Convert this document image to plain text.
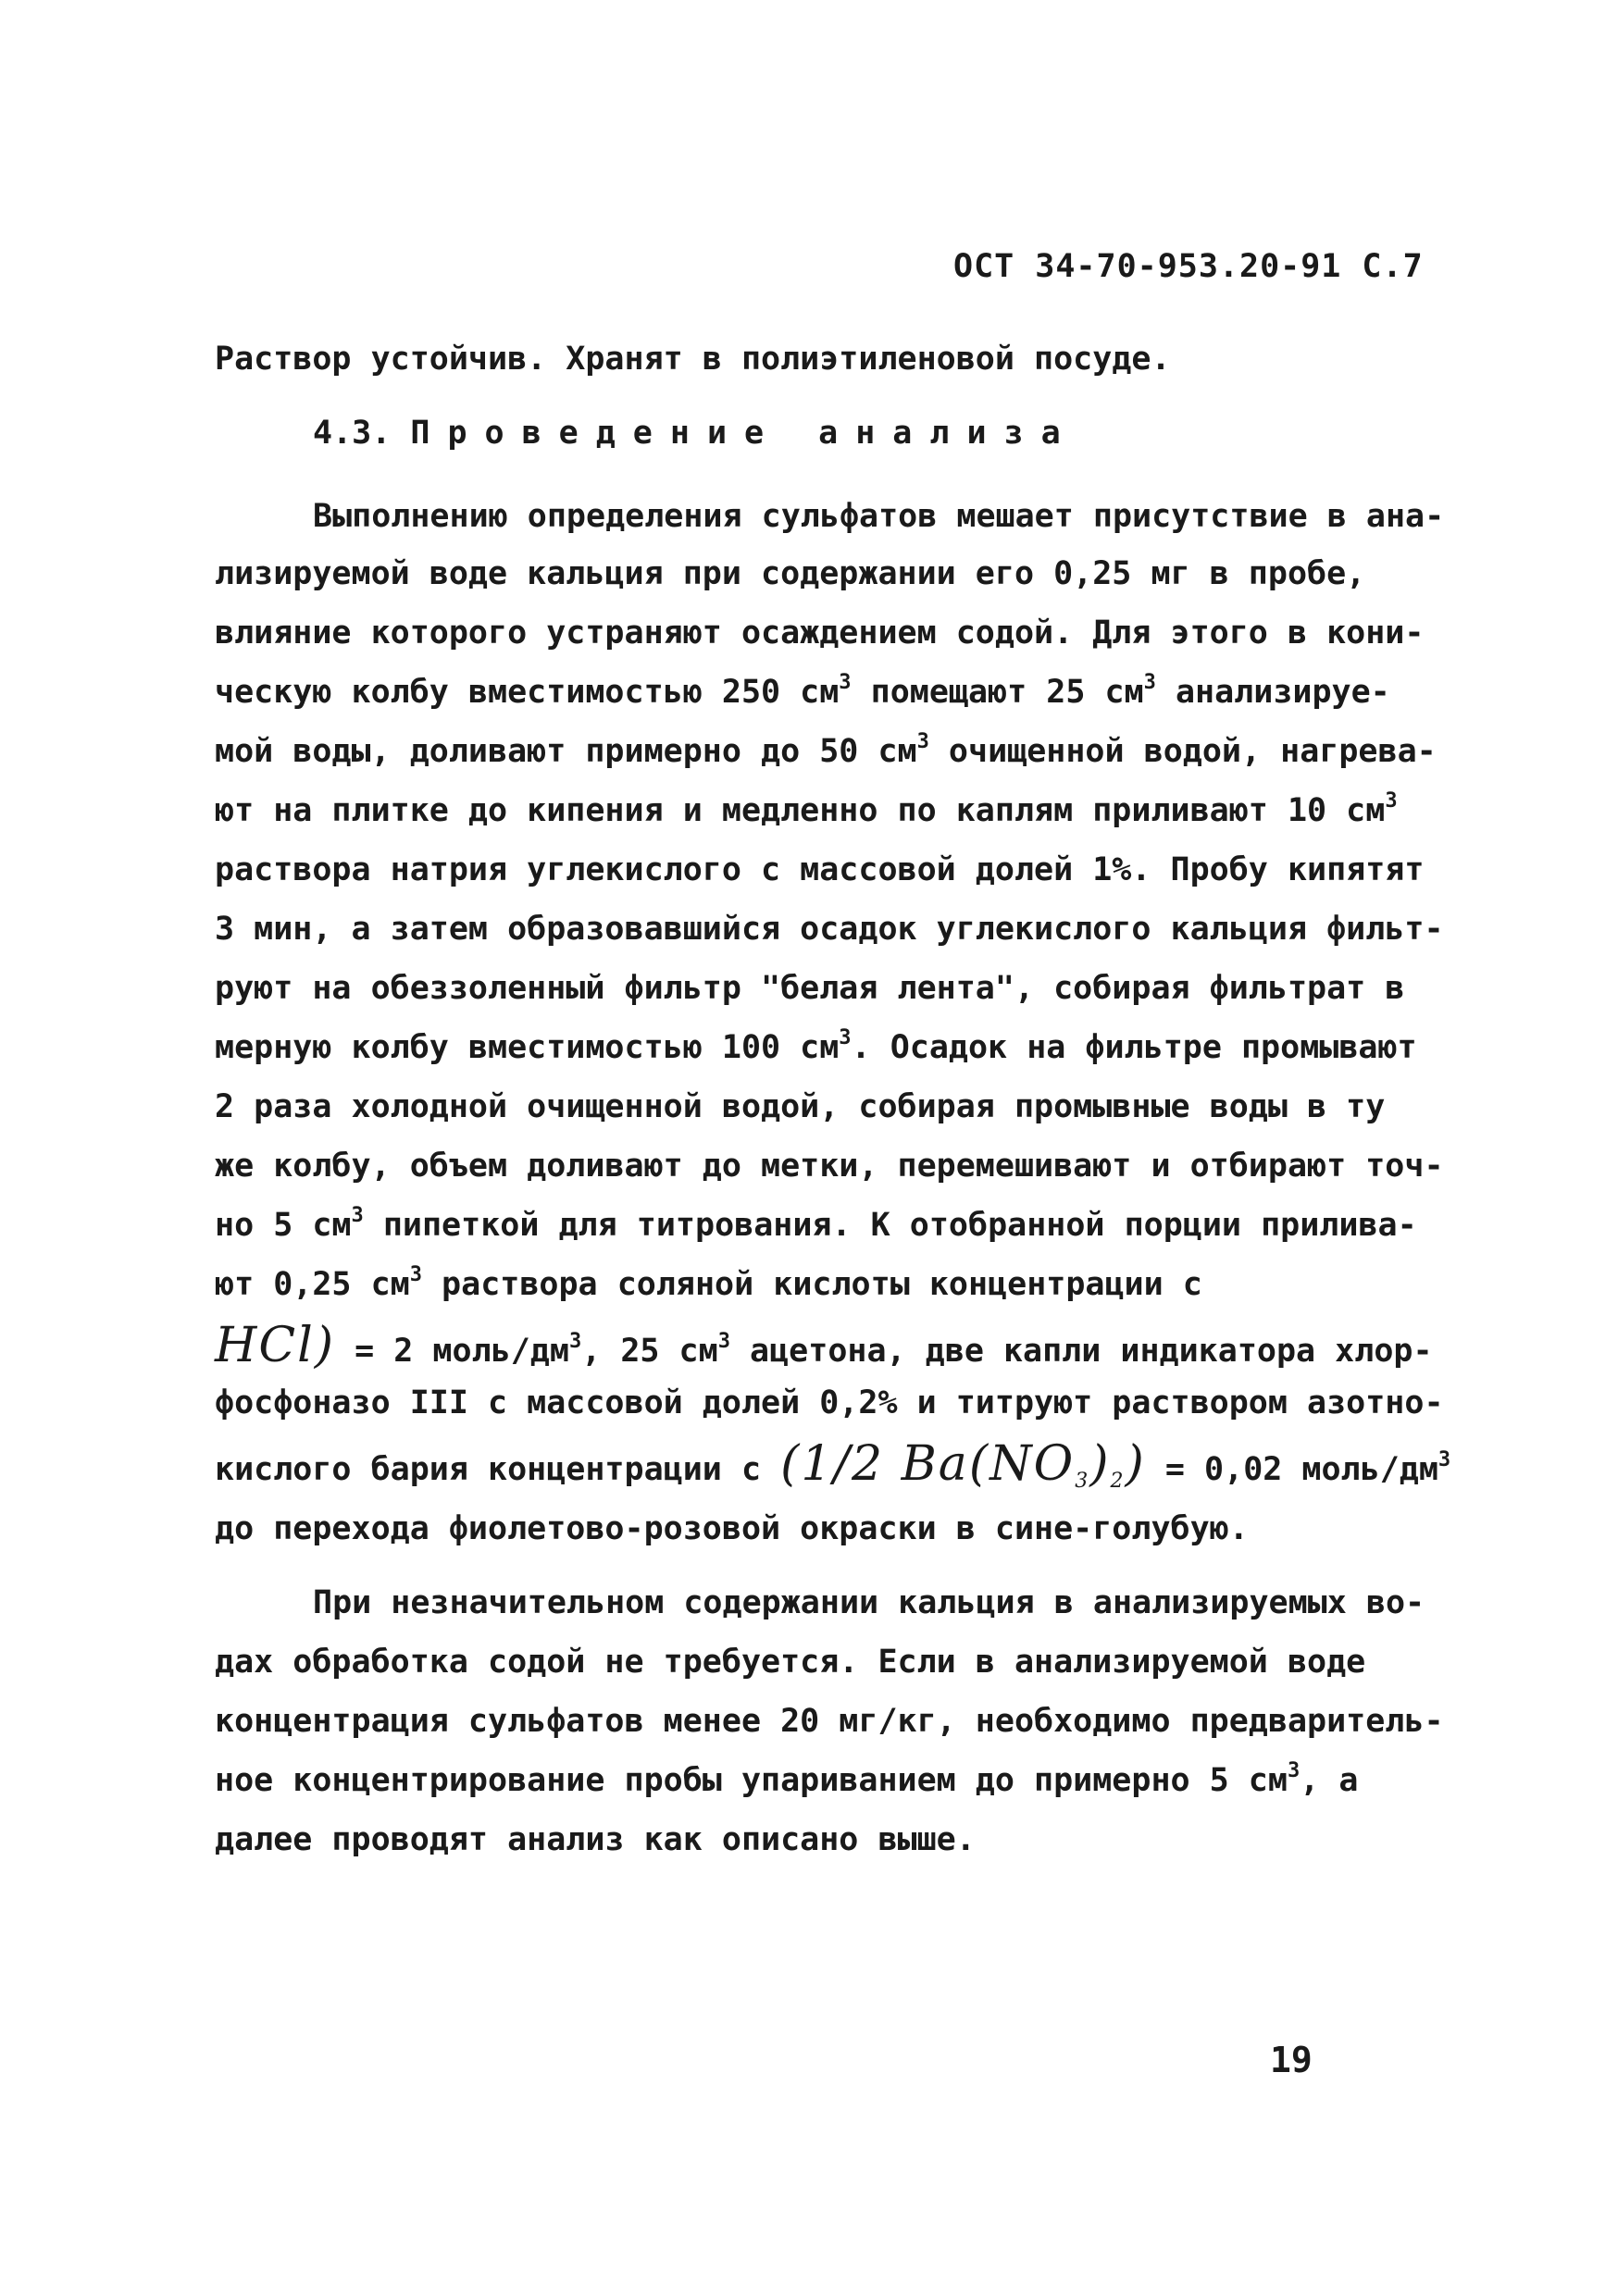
ОСТ 34-70-953.20-91 С.7
Раствор устойчив. Хранят в полиэтиленовой посуде.
4.3. Проведение анализа
Выполнению определения сульфатов мешает присутствие в ана-
лизируемой воде кальция при содержании его 0,25 мг в пробе,
влияние которого устраняют осаждением содой. Для этого в кони-
ческую колбу вместимостью 250 $см^3$ помещают 25 $см^3$ анализируе-
мой воды, доливают примерно до 50 $см^3$ очищенной водой, нагрева-
ют на плитке до кипения и медленно по каплям приливают 10 $см^3$
раствора натрия углекислого с массовой долей 1%. Пробу кипятят
3 мин, а затем образовавшийся осадок углекислого кальция фильт-
руют на обеззоленный фильтр "белая лента", собирая фильтрат в
мерную колбу вместимостью 100 $см^3$. Осадок на фильтре промывают
2 раза холодной очищенной водой, собирая промывные воды в ту
же колбу, объем доливают до метки, перемешивают и отбирают точ-
но 5 $см^3$ пипеткой для титрования. К отобранной порции прилива-
ют 0,25 $см^3$ раствора соляной кислоты концентрации с
HCl) = 2 моль/$дм^3$, 25 $см^3$ ацетона, две капли индикатора хлор-
фосфоназо III с массовой долей 0,2% и титруют раствором азотно-
кислого бария концентрации с (1/2 $Ba(NO_3)_2) = 0,02$ моль/$дм^3$
до перехода фиолетово-розовой окраски в сине-голубую.
При незначительном содержании кальция в анализируемых во-
дах обработка содой не требуется. Если в анализируемой воде
концентрация сульфатов менее 20 мг/кг, необходимо предваритель-
ное концентрирование пробы упариванием до примерно 5 $см^3$, а
далее проводят анализ как описано выше.
19
